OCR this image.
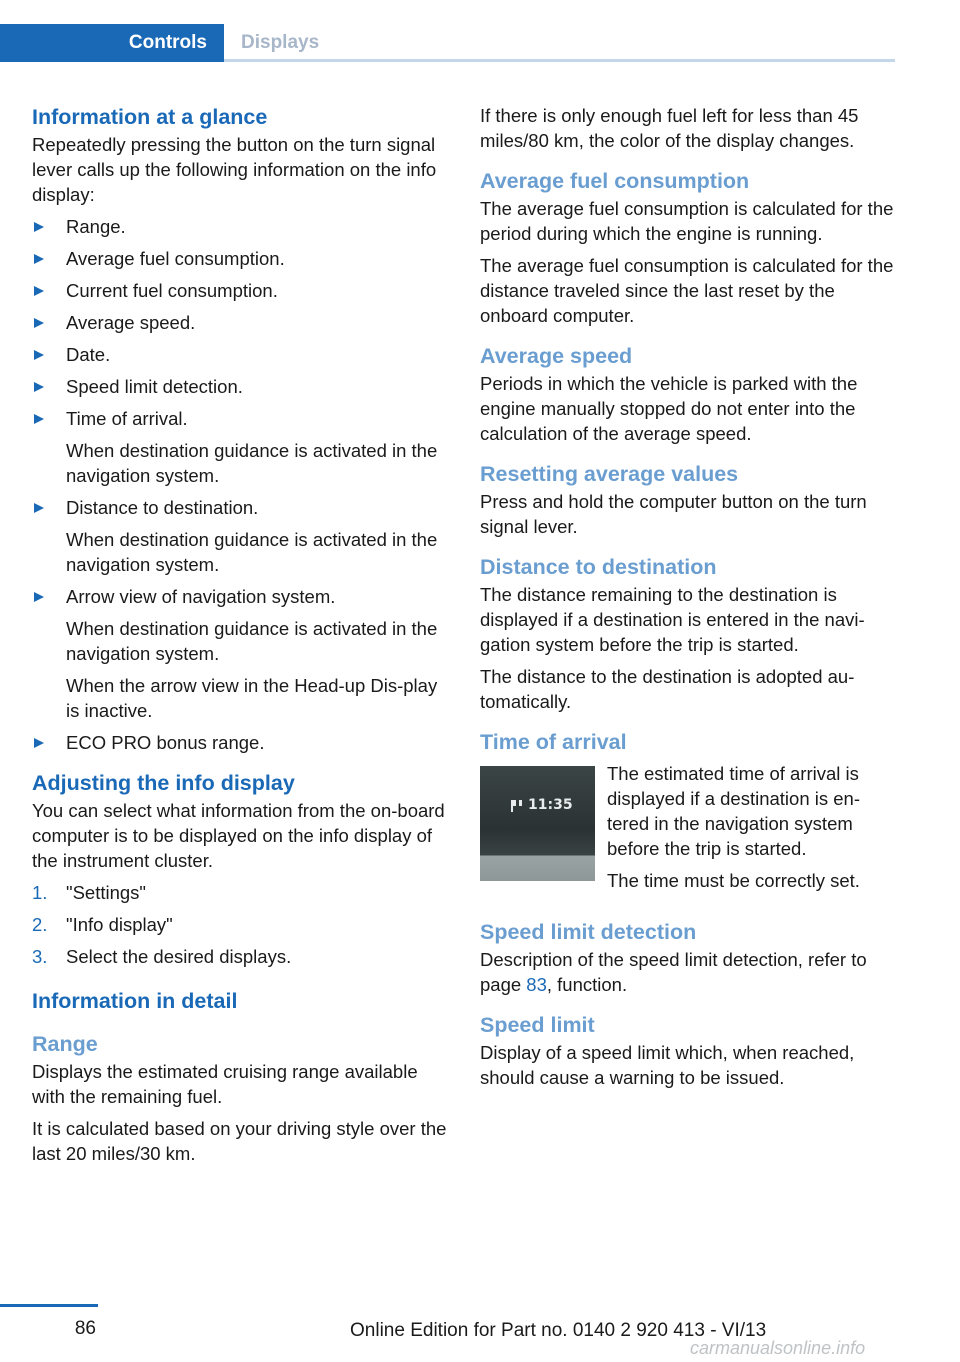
Controls	Displays
Information at a glance

Repeatedly pressing the button on the turn signal lever calls up the following information on the info display:

Range.
Average fuel consumption.
Current fuel consumption.
Average speed.
Date.
Speed limit detection.
Time of arrival.
When destination guidance is activated in the navigation system.
Distance to destination.
When destination guidance is activated in the navigation system.
Arrow view of navigation system.
When destination guidance is activated in the navigation system.
When the arrow view in the Head-up Dis-play is inactive.
ECO PRO bonus range.
Adjusting the info display

You can select what information from the on-board computer is to be displayed on the info display of the instrument cluster.

1.	"Settings"
2.	"Info display"
3.	Select the desired displays.
Information in detail
Range

Displays the estimated cruising range available with the remaining fuel.

It is calculated based on your driving style over the last 20 miles/30 km.

If there is only enough fuel left for less than 45 miles/80 km, the color of the display changes.

Average fuel consumption

The average fuel consumption is calculated for the period during which the engine is running.

The average fuel consumption is calculated for the distance traveled since the last reset by the onboard computer.

Average speed

Periods in which the vehicle is parked with the engine manually stopped do not enter into the calculation of the average speed.

Resetting average values

Press and hold the computer button on the turn signal lever.

Distance to destination

The distance remaining to the destination is displayed if a destination is entered in the navi-gation system before the trip is started.

The distance to the destination is adopted au-tomatically.

Time of arrival
11:35

The estimated time of arrival is displayed if a destination is en-tered in the navigation system before the trip is started.

The time must be correctly set.

Speed limit detection

Description of the speed limit detection, refer to page 83, function.

Speed limit

Display of a speed limit which, when reached, should cause a warning to be issued.

86	Online Edition for Part no. 0140 2 920 413 - VI/13
carmanualsonline.info
